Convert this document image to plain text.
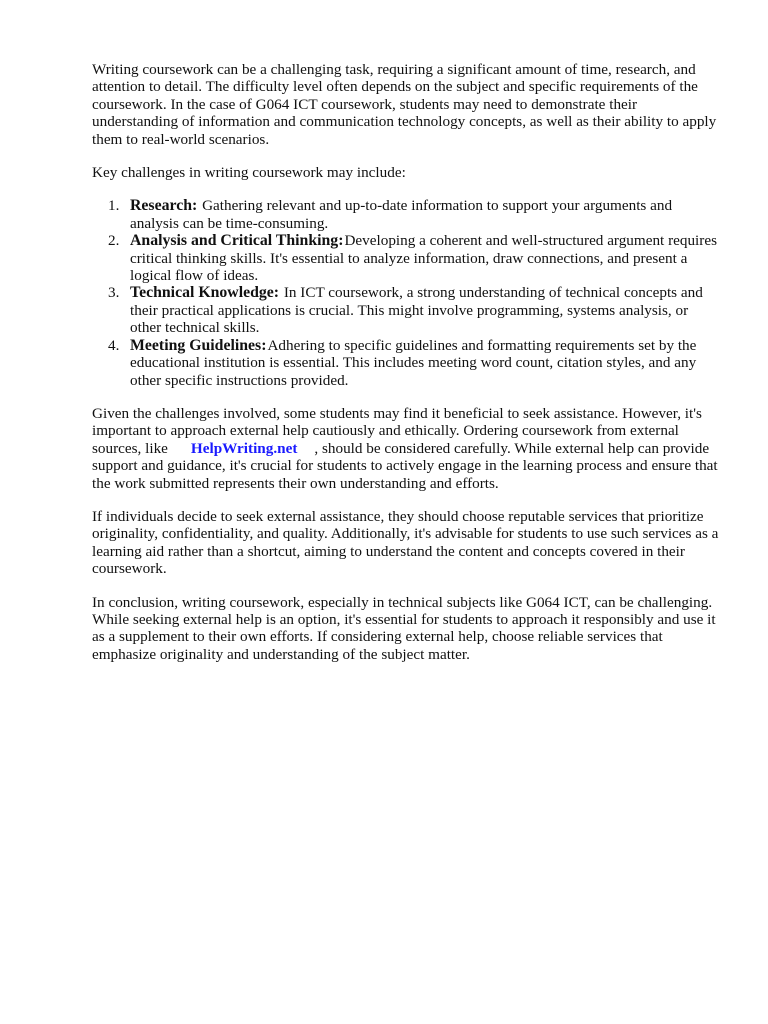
Writing coursework can be a challenging task, requiring a significant amount of time, research, and attention to detail. The difficulty level often depends on the subject and specific requirements of the coursework. In the case of G064 ICT coursework, students may need to demonstrate their understanding of information and communication technology concepts, as well as their ability to apply them to real-world scenarios.

Key challenges in writing coursework may include:

1. Research: Gathering relevant and up-to-date information to support your arguments and analysis can be time-consuming.
2. Analysis and Critical Thinking:Developing a coherent and well-structured argument requires critical thinking skills. It's essential to analyze information, draw connections, and present a logical flow of ideas.
3. Technical Knowledge: In ICT coursework, a strong understanding of technical concepts and their practical applications is crucial. This might involve programming, systems analysis, or other technical skills.
4. Meeting Guidelines:Adhering to specific guidelines and formatting requirements set by the educational institution is essential. This includes meeting word count, citation styles, and any other specific instructions provided.

Given the challenges involved, some students may find it beneficial to seek assistance. However, it's important to approach external help cautiously and ethically. Ordering coursework from external sources, like HelpWriting.net , should be considered carefully. While external help can provide support and guidance, it's crucial for students to actively engage in the learning process and ensure that the work submitted represents their own understanding and efforts.

If individuals decide to seek external assistance, they should choose reputable services that prioritize originality, confidentiality, and quality. Additionally, it's advisable for students to use such services as a learning aid rather than a shortcut, aiming to understand the content and concepts covered in their coursework.

In conclusion, writing coursework, especially in technical subjects like G064 ICT, can be challenging. While seeking external help is an option, it's essential for students to approach it responsibly and use it as a supplement to their own efforts. If considering external help, choose reliable services that emphasize originality and understanding of the subject matter.
